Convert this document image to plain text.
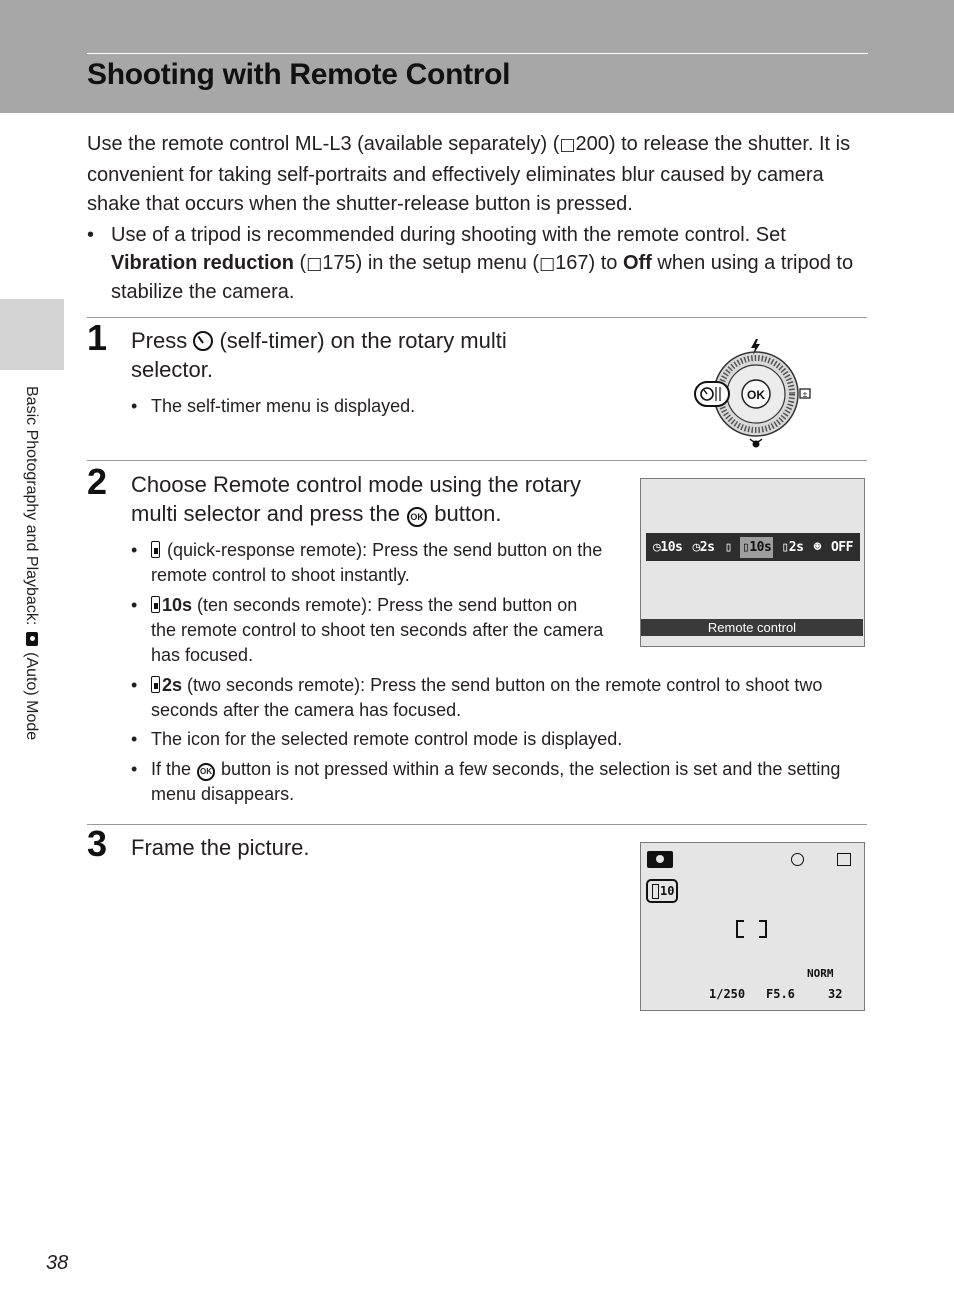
Shooting with Remote Control
Basic Photography and Playback:  (Auto) Mode

Use the remote control ML-L3 (available separately) (□200) to release the shutter. It is convenient for taking self-portraits and effectively eliminates blur caused by camera shake that occurs when the shutter-release button is pressed.

• Use of a tripod is recommended during shooting with the remote control. Set Vibration reduction (□175) in the setup menu (□167) to Off when using a tripod to stabilize the camera.
1 Press  (self-timer) on the rotary multi selector.
• The self-timer menu is displayed.
OK	±
2 Choose Remote control mode using the rotary multi selector and press the OK button.
• (quick-response remote): Press the send button on the remote control to shoot instantly.
• 10s (ten seconds remote): Press the send button on the remote control to shoot ten seconds after the camera has focused.
• 2s (two seconds remote): Press the send button on the remote control to shoot two seconds after the camera has focused.
• The icon for the selected remote control mode is displayed.
• If the OK button is not pressed within a few seconds, the selection is set and the setting menu disappears.
◷10s ◷2s ▯ ▯10s ▯2s ☻ OFF
Remote control
3 Frame the picture.
10
NORM
1/250 F5.6	32
38
